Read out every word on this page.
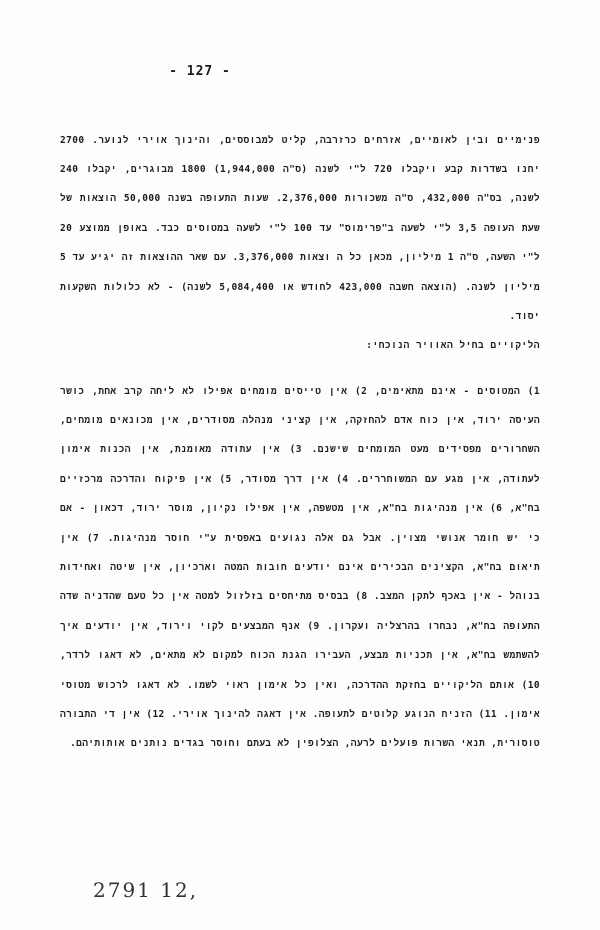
- 127 -

פנימיים ובין לאומיים, אזרחים כרזרבה, קליט למבוססים, והינוך אוירי לנוער. 2700 יחנו בשדרות קבע ויקבלו 720 ל"י לשנה (ס"ה 1,944,000) 1800 מבוגרים, יקבלו 240 לשנה, בס"ה 432,000, ס"ה משכורות 2,376,000. שעות התעופה בשנה 50,000 הוצאות של שעת העופה 3,5 ל"י לשעה ב"פרימוס" עד 100 ל"י לשעה במטוסים כבד. באופן ממוצע 20 ל"י השעה, ס"ה 1 מיליון, מכאן כל ה וצאות 3,376,000. עם שאר ההוצאות זה יגיע עד 5 מיליון לשנה. (הוצאה חשבה 423,000 לחודש או 5,084,400 לשנה) - לא כלולות השקעות יסוד.

הליקויים בחיל האוויר הנוכחי:

1) המטוסים - אינם מתאימים, 2) אין טייסים מומחים אפילו לא ליחה קרב אחת, כושר העיסה ירוד, אין כוח אדם להחזקה, אין קציני מנהלה מסודרים, אין מכונאים מומחים, השחרורים מפסידים מעט המומחים שישנם. 3) אין עתודה מאומנת, אין הכנות אימון לעתודה, אין מגע עם המשוחררים. 4) אין דרך מסודר, 5) אין פיקוח והדרכה מרכזיים בח"א, 6) אין מנהיגות בח"א, אין מטשפה, אין אפילו נקיון, מוסר ירוד, דכאון - אם כי יש חומר אנושי מצוין. אבל גם אלה נגועים באפסית ע"י חוסר מנהיגות. 7) אין תיאום בח"א, הקצינים הבכירים אינם יודעים חובות המטה וארכיון, אין שיטה ואחידות בנוהל - אין באכף לתקן המצב. 8) בבסיס מתיחסים בזלזול למטה אין כל טעם שהדניה שדה התעופה בח"א, נבחרו בהרצליה ועקרון. 9) אנף המבצעים לקוי וירוד, אין יודעים איך להשתמש בח"א, אין תכניות מבצע, העבירו הגנת הכוח למקום לא מתאים, לא דאגו לרדר, 10) אותם הליקויים בחזקת ההדרכה, ואין כל אימון ראוי לשמו. לא דאגו לרכוש מטוסי אימון. 11) הזניח הנוגע קלוטים לתעופה. אין דאגה להינוך אוירי. 12) אין די התבורה טוסורית, תנאי השרות פועלים לרעה, הצלופין לא בעתם וחוסר בגדים נותנים אותותיהם.

2791 12,
